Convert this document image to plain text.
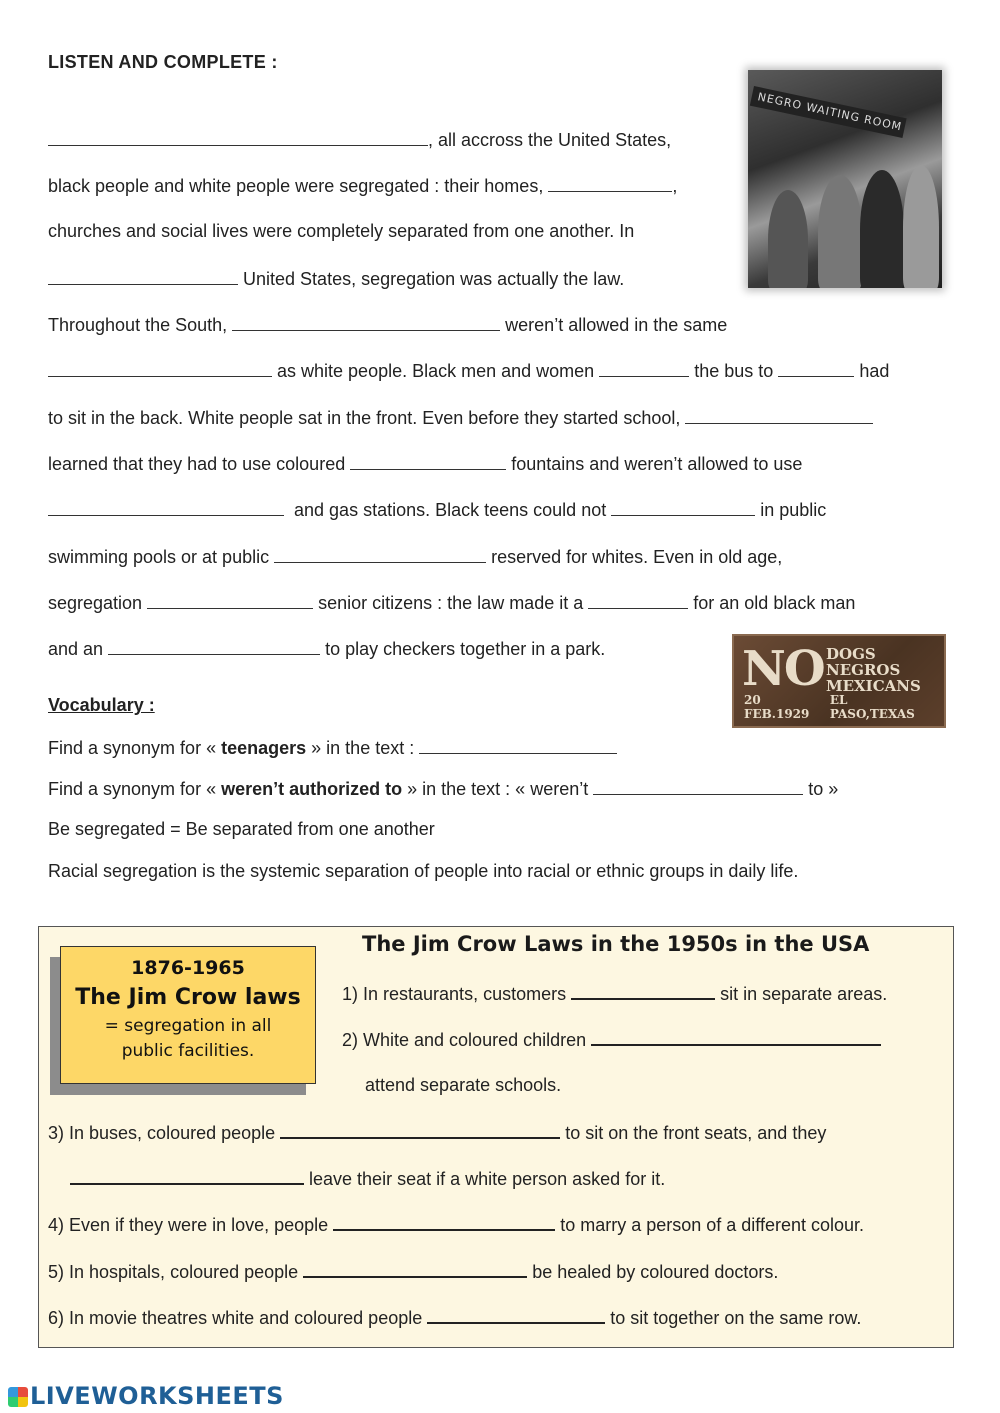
LISTEN AND COMPLETE :
NEGRO WAITING ROOM
, all accross the United States,
black people and white people were segregated : their homes,	,
churches and social lives were completely separated from one another. In
United States, segregation was actually the law.
Throughout the South,	weren’t allowed in the same
as white people. Black men and women	the bus to	had
to sit in the back. White people sat in the front. Even before they started school,
learned that they had to use coloured	fountains and weren’t allowed to use
and gas stations. Black teens could not	in public
swimming pools or at public	reserved for whites. Even in old age,
segregation	senior citizens : the law made it a	for an old black man
and an	to play checkers together in a park.	NO DOGS
NEGROS
MEXICANS
20 FEB.1929
EL PASO,TEXAS
Vocabulary :
Find a synonym for « teenagers » in the text :
Find a synonym for « weren’t authorized to » in the text : « weren’t	to »
Be segregated = Be separated from one another
Racial segregation is the systemic separation of people into racial or ethnic groups in daily life.
The Jim Crow Laws in the 1950s in the USA
1876-1965
The Jim Crow laws
= segregation in all
public facilities.
1) In restaurants, customers	sit in separate areas.
2) White and coloured children
attend separate schools.
3) In buses, coloured people	to sit on the front seats, and they
leave their seat if a white person asked for it.
4) Even if they were in love, people	to marry a person of a different colour.
5) In hospitals, coloured people	be healed by coloured doctors.
6) In movie theatres white and coloured people	to sit together on the same row.
LIVEWORKSHEETS
